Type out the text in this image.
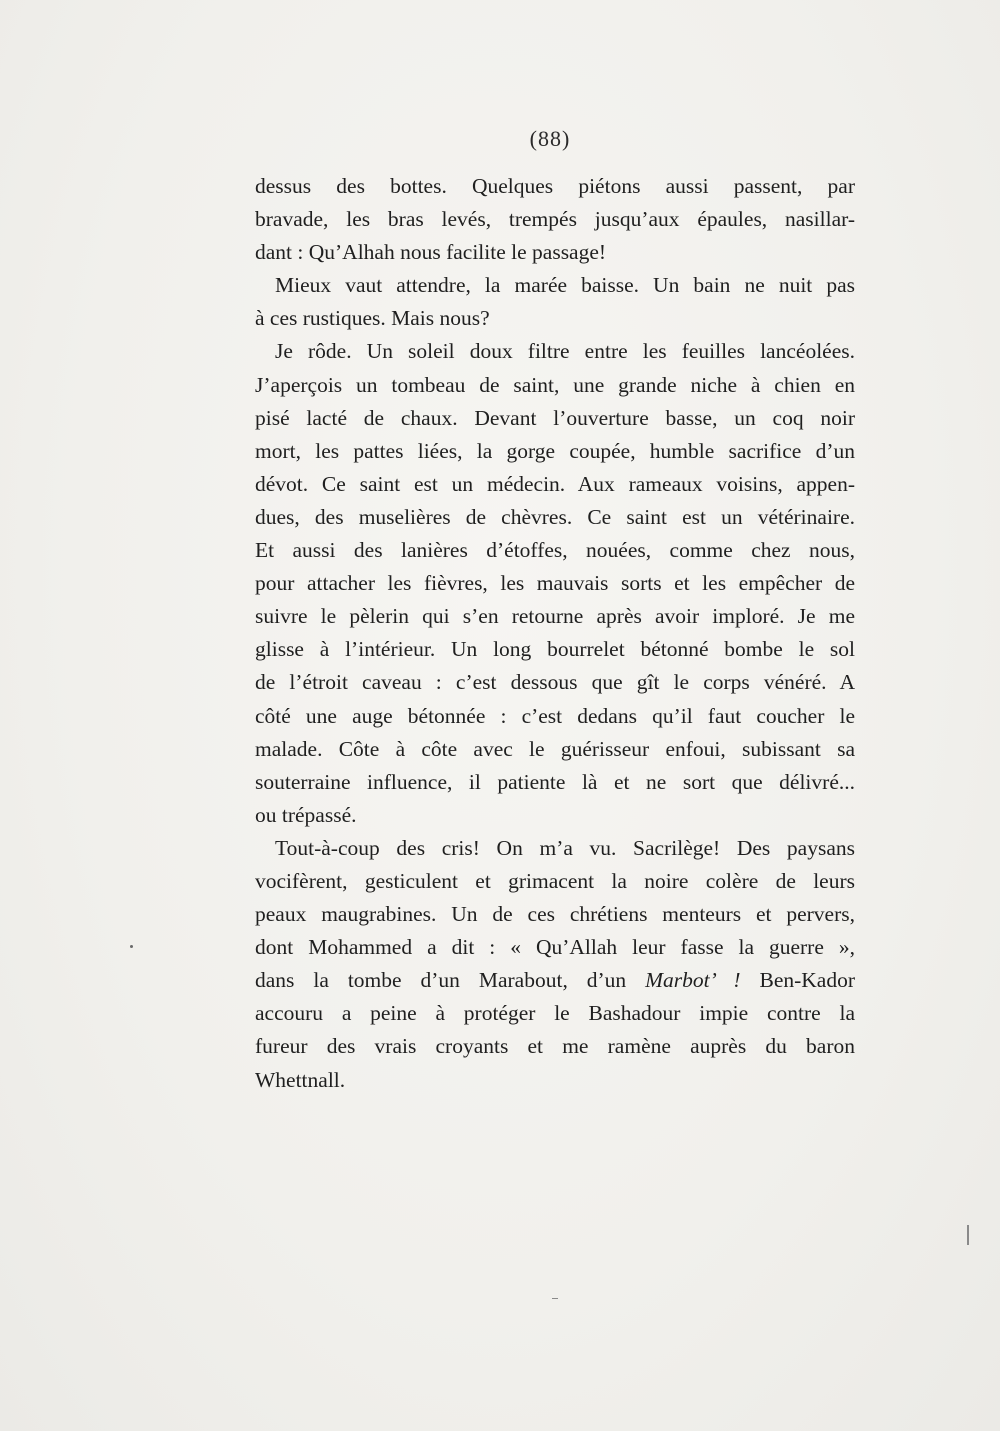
(88)
dessus des bottes. Quelques piétons aussi passent, par
bravade, les bras levés, trempés jusqu’aux épaules, nasillar-
dant : Qu’Alhah nous facilite le passage!
Mieux vaut attendre, la marée baisse. Un bain ne nuit pas
à ces rustiques. Mais nous?
Je rôde. Un soleil doux filtre entre les feuilles lancéolées.
J’aperçois un tombeau de saint, une grande niche à chien en
pisé lacté de chaux. Devant l’ouverture basse, un coq noir
mort, les pattes liées, la gorge coupée, humble sacrifice d’un
dévot. Ce saint est un médecin. Aux rameaux voisins, appen-
dues, des muselières de chèvres. Ce saint est un vétérinaire.
Et aussi des lanières d’étoffes, nouées, comme chez nous,
pour attacher les fièvres, les mauvais sorts et les empêcher de
suivre le pèlerin qui s’en retourne après avoir imploré. Je me
glisse à l’intérieur. Un long bourrelet bétonné bombe le sol
de l’étroit caveau : c’est dessous que gît le corps vénéré. A
côté une auge bétonnée : c’est dedans qu’il faut coucher le
malade. Côte à côte avec le guérisseur enfoui, subissant sa
souterraine influence, il patiente là et ne sort que délivré...
ou trépassé.
Tout-à-coup des cris! On m’a vu. Sacrilège! Des paysans
vocifèrent, gesticulent et grimacent la noire colère de leurs
peaux maugrabines. Un de ces chrétiens menteurs et pervers,
dont Mohammed a dit : « Qu’Allah leur fasse la guerre »,
dans la tombe d’un Marabout, d’un Marbot’ ! Ben-Kador
accouru a peine à protéger le Bashadour impie contre la
fureur des vrais croyants et me ramène auprès du baron
Whettnall.
